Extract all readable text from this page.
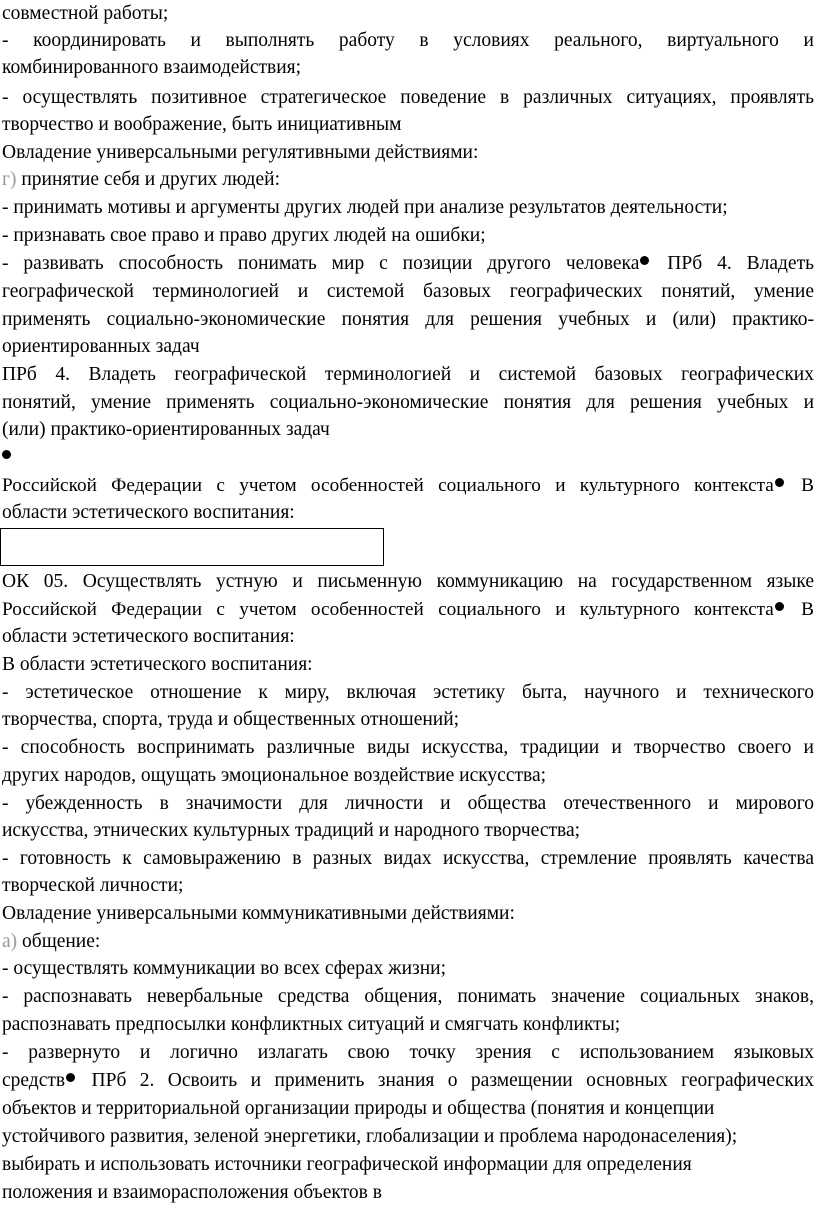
совместной работы;
- координировать и выполнять работу в условиях реального, виртуального и
комбинированного взаимодействия;
- осуществлять позитивное стратегическое поведение в различных ситуациях, проявлять
творчество и воображение, быть инициативным
Овладение универсальными регулятивными действиями:
г) принятие себя и других людей:
- принимать мотивы и аргументы других людей при анализе результатов деятельности;
- признавать свое право и право других людей на ошибки;
- развивать способность понимать мир с позиции другого человека ПРб 4. Владеть
географической терминологией и системой базовых географических понятий, умение
применять социально-экономические понятия для решения учебных и (или) практико-
ориентированных задач
ПРб 4. Владеть географической терминологией и системой базовых географических
понятий, умение применять социально-экономические понятия для решения учебных и
(или) практико-ориентированных задач
Российской Федерации с учетом особенностей социального и культурного контекста В
области эстетического воспитания:
ОК 05. Осуществлять устную и письменную коммуникацию на государственном языке
Российской Федерации с учетом особенностей социального и культурного контекста В
области эстетического воспитания:
В области эстетического воспитания:
- эстетическое отношение к миру, включая эстетику быта, научного и технического
творчества, спорта, труда и общественных отношений;
- способность воспринимать различные виды искусства, традиции и творчество своего и
других народов, ощущать эмоциональное воздействие искусства;
- убежденность в значимости для личности и общества отечественного и мирового
искусства, этнических культурных традиций и народного творчества;
- готовность к самовыражению в разных видах искусства, стремление проявлять качества
творческой личности;
Овладение универсальными коммуникативными действиями:
а) общение:
- осуществлять коммуникации во всех сферах жизни;
- распознавать невербальные средства общения, понимать значение социальных знаков,
распознавать предпосылки конфликтных ситуаций и смягчать конфликты;
- развернуто и логично излагать свою точку зрения с использованием языковых
средств ПРб 2. Освоить и применить знания о размещении основных географических
объектов и территориальной организации природы и общества (понятия и концепции
устойчивого развития, зеленой энергетики, глобализации и проблема народонаселения);
выбирать и использовать источники географической информации для определения
положения и взаиморасположения объектов в
